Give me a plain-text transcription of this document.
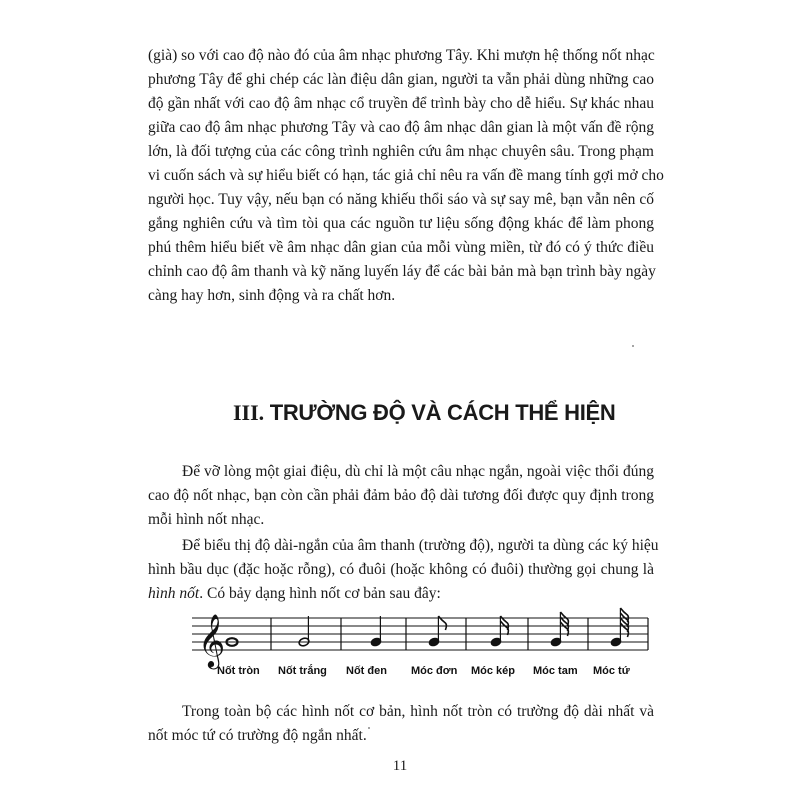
(già) so với cao độ nào đó của âm nhạc phương Tây. Khi mượn hệ thống nốt nhạc
phương Tây để ghi chép các làn điệu dân gian, người ta vẫn phải dùng những cao
độ gần nhất với cao độ âm nhạc cổ truyền để trình bày cho dễ hiểu. Sự khác nhau
giữa cao độ âm nhạc phương Tây và cao độ âm nhạc dân gian là một vấn đề rộng
lớn, là đối tượng của các công trình nghiên cứu âm nhạc chuyên sâu. Trong phạm
vi cuốn sách và sự hiểu biết có hạn, tác giả chỉ nêu ra vấn đề mang tính gợi mở cho
người học. Tuy vậy, nếu bạn có năng khiếu thổi sáo và sự say mê, bạn vẫn nên cố
gắng nghiên cứu và tìm tòi qua các nguồn tư liệu sống động khác để làm phong
phú thêm hiểu biết về âm nhạc dân gian của mỗi vùng miền, từ đó có ý thức điều
chỉnh cao độ âm thanh và kỹ năng luyến láy để các bài bản mà bạn trình bày ngày
càng hay hơn, sinh động và ra chất hơn.
III. TRƯỜNG ĐỘ VÀ CÁCH THỂ HIỆN
Để vỡ lòng một giai điệu, dù chỉ là một câu nhạc ngắn, ngoài việc thổi đúng
cao độ nốt nhạc, bạn còn cần phải đảm bảo độ dài tương đối được quy định trong
mỗi hình nốt nhạc.
Để biểu thị độ dài-ngắn của âm thanh (trường độ), người ta dùng các ký hiệu
hình bầu dục (đặc hoặc rỗng), có đuôi (hoặc không có đuôi) thường gọi chung là
hình nốt. Có bảy dạng hình nốt cơ bản sau đây:
𝄞
Nốt tròn Nốt trắng Nốt đen Móc đơn Móc kép Móc tam Móc tứ
Trong toàn bộ các hình nốt cơ bản, hình nốt tròn có trường độ dài nhất và
nốt móc tứ có trường độ ngắn nhất.

11
